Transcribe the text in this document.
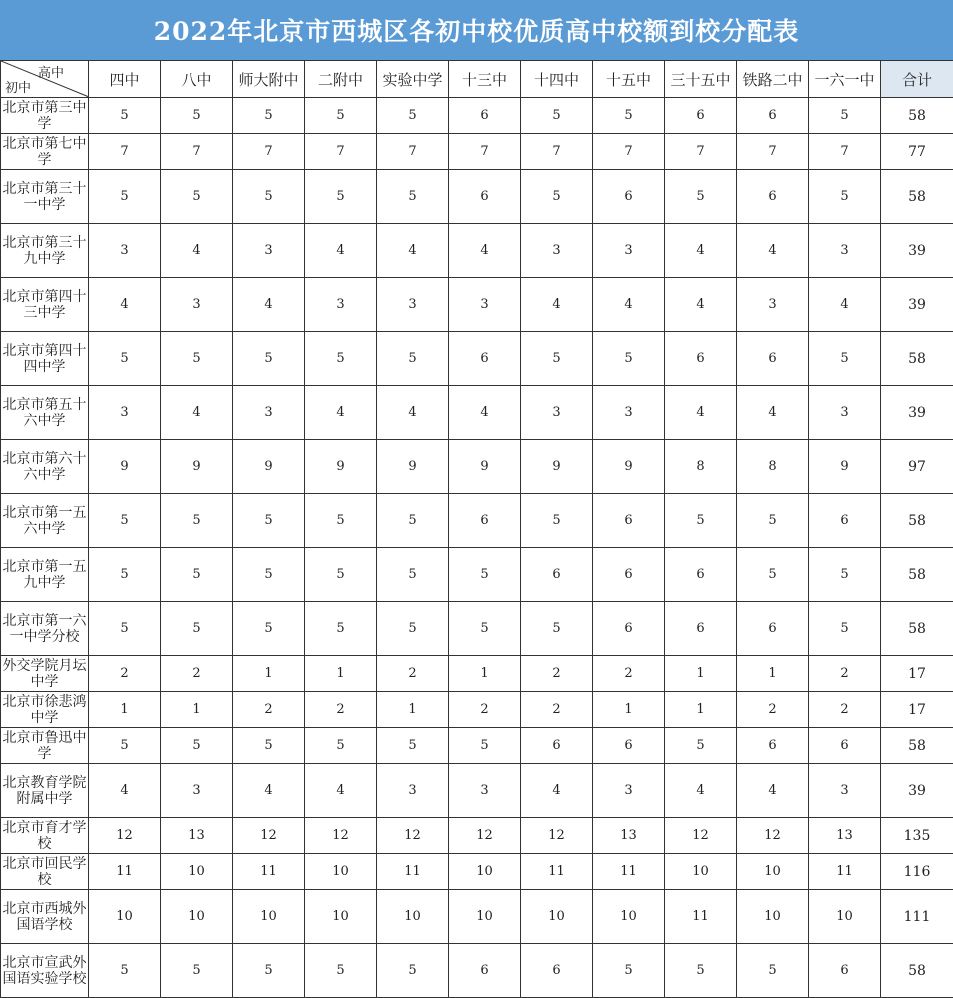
2022年北京市西城区各初中校优质高中校额到校分配表
高中
初中	四中	八中	师大附中	二附中	实验中学	十三中	十四中	十五中	三十五中	铁路二中	一六一中	合计
北京市第三中学	5	5	5	5	5	6	5	5	6	6	5	58
北京市第七中学	7	7	7	7	7	7	7	7	7	7	7	77
北京市第三十一中学	5	5	5	5	5	6	5	6	5	6	5	58
北京市第三十九中学	3	4	3	4	4	4	3	3	4	4	3	39
北京市第四十三中学	4	3	4	3	3	3	4	4	4	3	4	39
北京市第四十四中学	5	5	5	5	5	6	5	5	6	6	5	58
北京市第五十六中学	3	4	3	4	4	4	3	3	4	4	3	39
北京市第六十六中学	9	9	9	9	9	9	9	9	8	8	9	97
北京市第一五六中学	5	5	5	5	5	6	5	6	5	5	6	58
北京市第一五九中学	5	5	5	5	5	5	6	6	6	5	5	58
北京市第一六一中学分校	5	5	5	5	5	5	5	6	6	6	5	58
外交学院月坛中学	2	2	1	1	2	1	2	2	1	1	2	17
北京市徐悲鸿中学	1	1	2	2	1	2	2	1	1	2	2	17
北京市鲁迅中学	5	5	5	5	5	5	6	6	5	6	6	58
北京教育学院附属中学	4	3	4	4	3	3	4	3	4	4	3	39
北京市育才学校	12	13	12	12	12	12	12	13	12	12	13	135
北京市回民学校	11	10	11	10	11	10	11	11	10	10	11	116
北京市西城外国语学校	10	10	10	10	10	10	10	10	11	10	10	111
北京市宣武外国语实验学校	5	5	5	5	5	6	6	5	5	5	6	58
